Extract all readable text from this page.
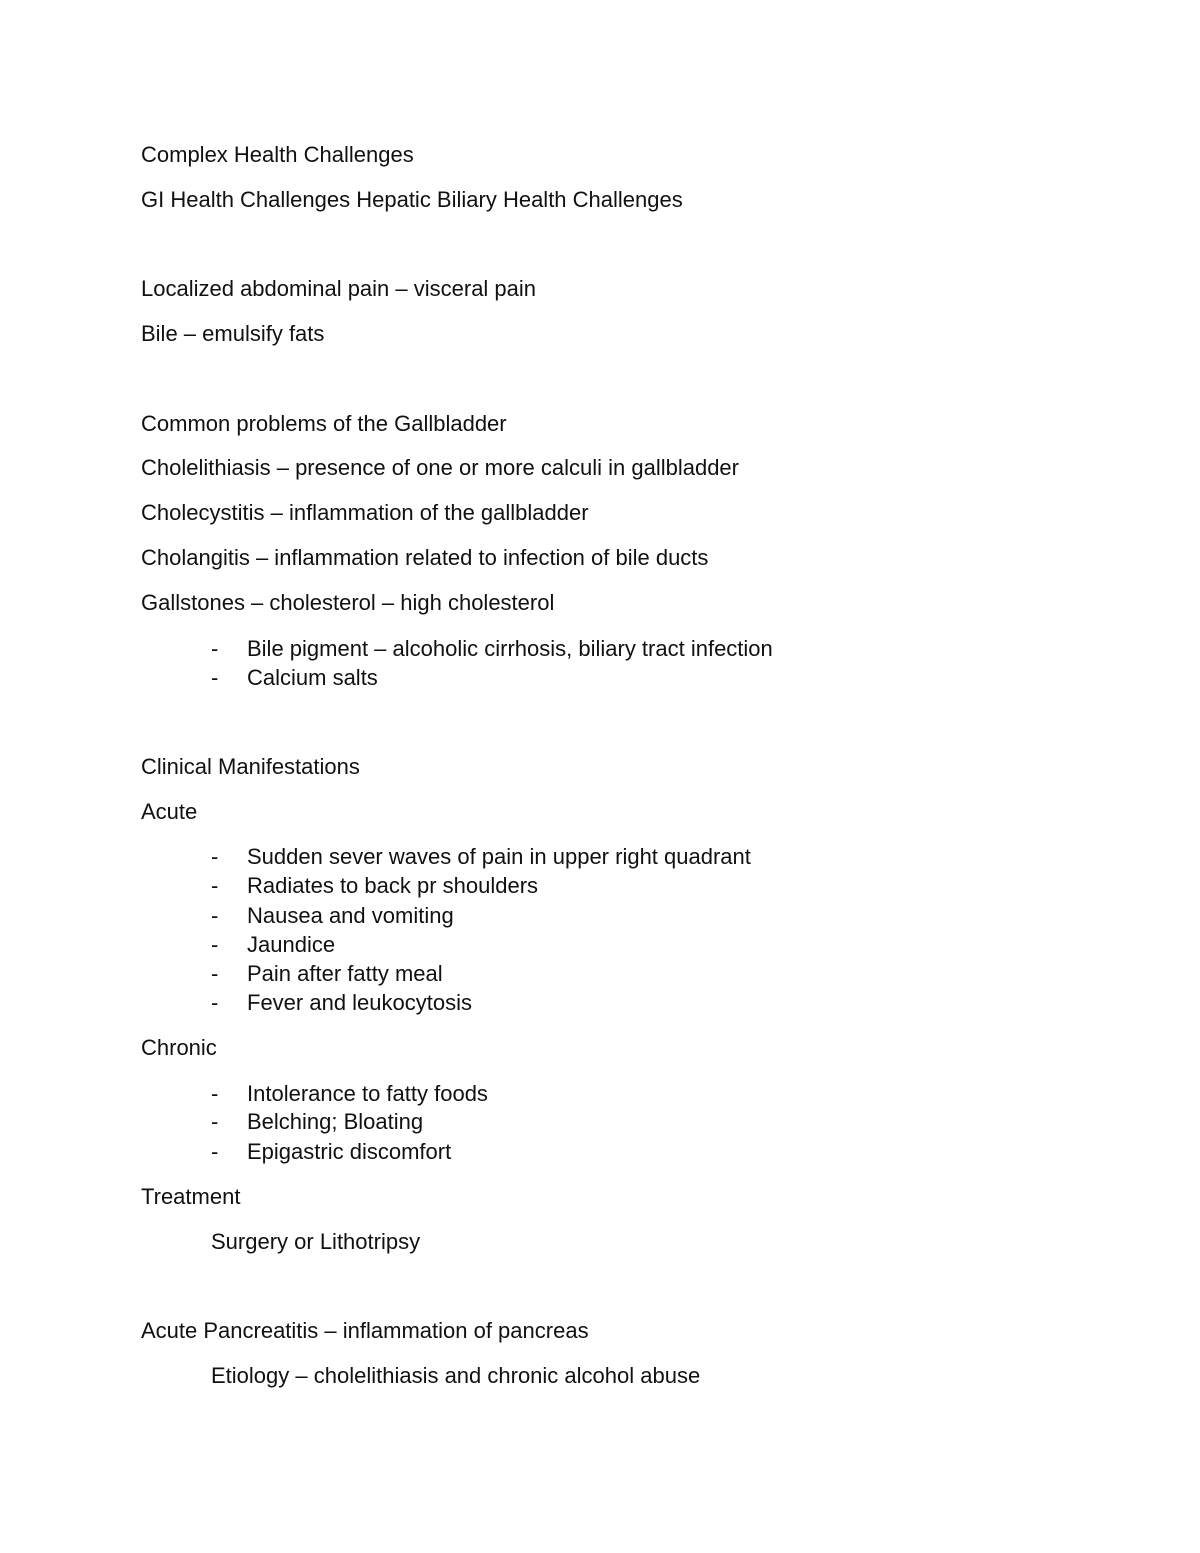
Complex Health Challenges
GI Health Challenges Hepatic Biliary Health Challenges
Localized abdominal pain – visceral pain
Bile – emulsify fats
Common problems of the Gallbladder
Cholelithiasis – presence of one or more calculi in gallbladder
Cholecystitis – inflammation of the gallbladder
Cholangitis – inflammation related to infection of bile ducts
Gallstones – cholesterol – high cholesterol
- Bile pigment – alcoholic cirrhosis, biliary tract infection
- Calcium salts
Clinical Manifestations
Acute
- Sudden sever waves of pain in upper right quadrant
- Radiates to back pr shoulders
- Nausea and vomiting
- Jaundice
- Pain after fatty meal
- Fever and leukocytosis
Chronic
- Intolerance to fatty foods
- Belching; Bloating
- Epigastric discomfort
Treatment
Surgery or Lithotripsy
Acute Pancreatitis – inflammation of pancreas
Etiology – cholelithiasis and chronic alcohol abuse
